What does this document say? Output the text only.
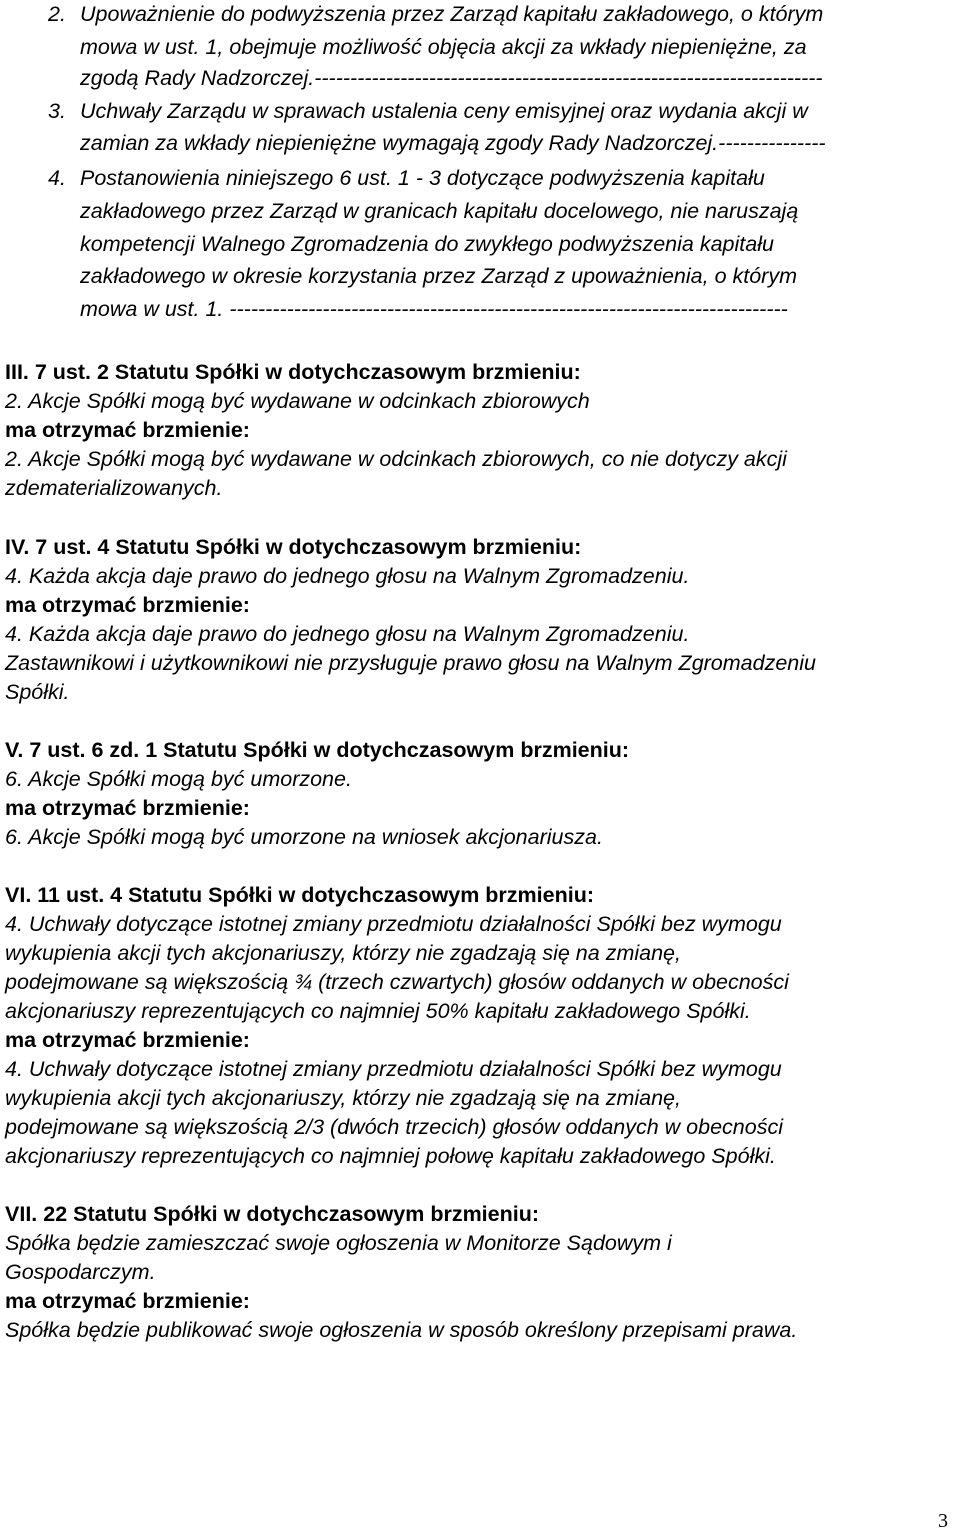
2. Upoważnienie do podwyższenia przez Zarząd kapitału zakładowego, o którym
mowa w ust. 1, obejmuje możliwość objęcia akcji za wkłady niepieniężne, za
zgodą Rady Nadzorczej.-----------------------------------------------------------------------
3. Uchwały Zarządu w sprawach ustalenia ceny emisyjnej oraz wydania akcji w
zamian za wkłady niepieniężne wymagają zgody Rady Nadzorczej.---------------
4. Postanowienia niniejszego 6 ust. 1 - 3 dotyczące podwyższenia kapitału
zakładowego przez Zarząd w granicach kapitału docelowego, nie naruszają
kompetencji Walnego Zgromadzenia do zwykłego podwyższenia kapitału
zakładowego w okresie korzystania przez Zarząd z upoważnienia, o którym
mowa w ust. 1. ------------------------------------------------------------------------------
III. 7 ust. 2 Statutu Spółki w dotychczasowym brzmieniu:
2. Akcje Spółki mogą być wydawane w odcinkach zbiorowych
ma otrzymać brzmienie:
2. Akcje Spółki mogą być wydawane w odcinkach zbiorowych, co nie dotyczy akcji
zdematerializowanych.
IV. 7 ust. 4 Statutu Spółki w dotychczasowym brzmieniu:
4. Każda akcja daje prawo do jednego głosu na Walnym Zgromadzeniu.
ma otrzymać brzmienie:
4. Każda akcja daje prawo do jednego głosu na Walnym Zgromadzeniu.
Zastawnikowi i użytkownikowi nie przysługuje prawo głosu na Walnym Zgromadzeniu
Spółki.
V. 7 ust. 6 zd. 1 Statutu Spółki w dotychczasowym brzmieniu:
6. Akcje Spółki mogą być umorzone.
ma otrzymać brzmienie:
6. Akcje Spółki mogą być umorzone na wniosek akcjonariusza.
VI. 11 ust. 4 Statutu Spółki w dotychczasowym brzmieniu:
4. Uchwały dotyczące istotnej zmiany przedmiotu działalności Spółki bez wymogu
wykupienia akcji tych akcjonariuszy, którzy nie zgadzają się na zmianę,
podejmowane są większością ¾ (trzech czwartych) głosów oddanych w obecności
akcjonariuszy reprezentujących co najmniej 50% kapitału zakładowego Spółki.
ma otrzymać brzmienie:
4. Uchwały dotyczące istotnej zmiany przedmiotu działalności Spółki bez wymogu
wykupienia akcji tych akcjonariuszy, którzy nie zgadzają się na zmianę,
podejmowane są większością 2/3 (dwóch trzecich) głosów oddanych w obecności
akcjonariuszy reprezentujących co najmniej połowę kapitału zakładowego Spółki.
VII. 22 Statutu Spółki w dotychczasowym brzmieniu:
Spółka będzie zamieszczać swoje ogłoszenia w Monitorze Sądowym i
Gospodarczym.
ma otrzymać brzmienie:
Spółka będzie publikować swoje ogłoszenia w sposób określony przepisami prawa.
3
